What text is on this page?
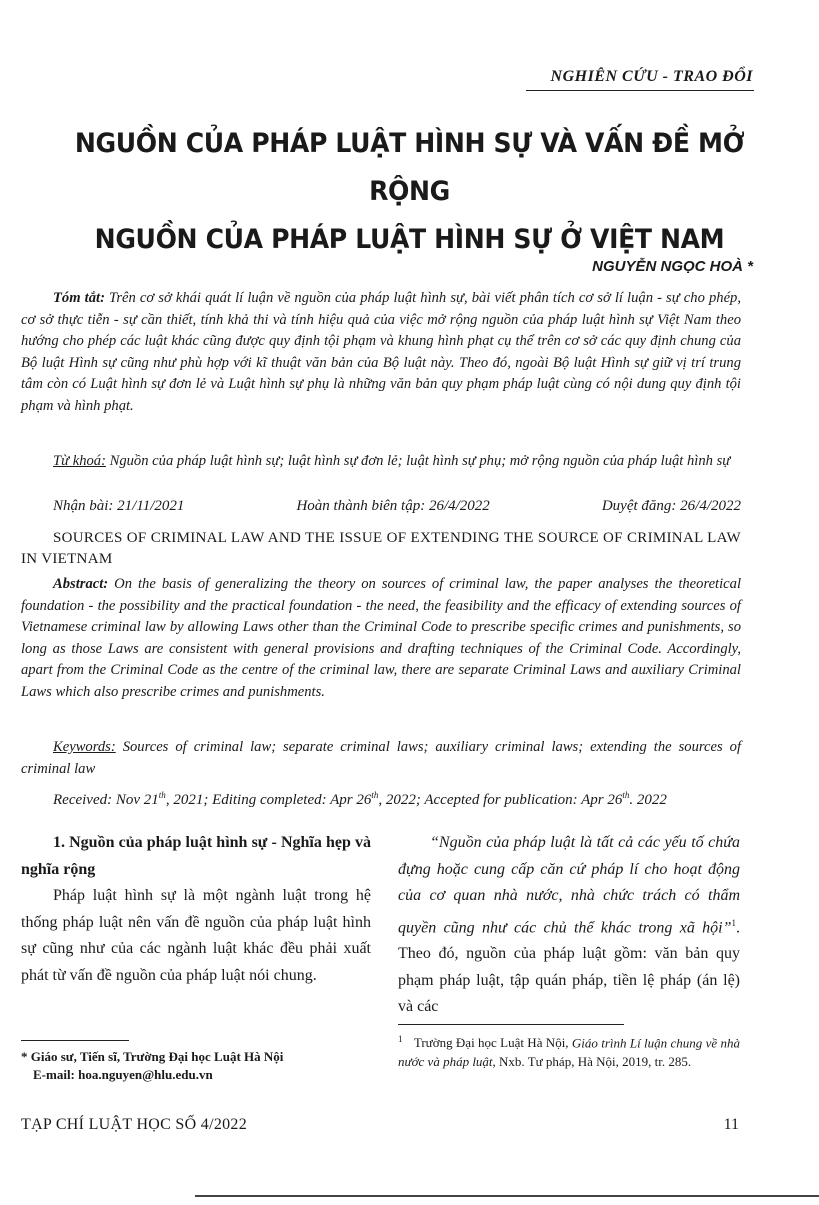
NGHIÊN CỨU - TRAO ĐỔI
NGUỒN CỦA PHÁP LUẬT HÌNH SỰ VÀ VẤN ĐỀ MỞ RỘNG
NGUỒN CỦA PHÁP LUẬT HÌNH SỰ Ở VIỆT NAM
NGUYỄN NGỌC HOÀ *
Tóm tắt: Trên cơ sở khái quát lí luận về nguồn của pháp luật hình sự, bài viết phân tích cơ sở lí luận - sự cho phép, cơ sở thực tiễn - sự cần thiết, tính khả thi và tính hiệu quả của việc mở rộng nguồn của pháp luật hình sự Việt Nam theo hướng cho phép các luật khác cũng được quy định tội phạm và khung hình phạt cụ thể trên cơ sở các quy định chung của Bộ luật Hình sự cũng như phù hợp với kĩ thuật văn bản của Bộ luật này. Theo đó, ngoài Bộ luật Hình sự giữ vị trí trung tâm còn có Luật hình sự đơn lẻ và Luật hình sự phụ là những văn bản quy phạm pháp luật cùng có nội dung quy định tội phạm và hình phạt.
Từ khoá: Nguồn của pháp luật hình sự; luật hình sự đơn lẻ; luật hình sự phụ; mở rộng nguồn của pháp luật hình sự
Nhận bài: 21/11/2021	Hoàn thành biên tập: 26/4/2022	Duyệt đăng: 26/4/2022
SOURCES OF CRIMINAL LAW AND THE ISSUE OF EXTENDING THE SOURCE OF CRIMINAL LAW IN VIETNAM
Abstract: On the basis of generalizing the theory on sources of criminal law, the paper analyses the theoretical foundation - the possibility and the practical foundation - the need, the feasibility and the efficacy of extending sources of Vietnamese criminal law by allowing Laws other than the Criminal Code to prescribe specific crimes and punishments, so long as those Laws are consistent with general provisions and drafting techniques of the Criminal Code. Accordingly, apart from the Criminal Code as the centre of the criminal law, there are separate Criminal Laws and auxiliary Criminal Laws which also prescribe crimes and punishments.
Keywords: Sources of criminal law; separate criminal laws; auxiliary criminal laws; extending the sources of criminal law
Received: Nov 21th, 2021; Editing completed: Apr 26th, 2022; Accepted for publication: Apr 26th. 2022
1. Nguồn của pháp luật hình sự - Nghĩa hẹp và nghĩa rộng
Pháp luật hình sự là một ngành luật trong hệ thống pháp luật nên vấn đề nguồn của pháp luật hình sự cũng như của các ngành luật khác đều phải xuất phát từ vấn đề nguồn của pháp luật nói chung.
“Nguồn của pháp luật là tất cả các yếu tố chứa đựng hoặc cung cấp căn cứ pháp lí cho hoạt động của cơ quan nhà nước, nhà chức trách có thẩm quyền cũng như các chủ thể khác trong xã hội”$^1$. Theo đó, nguồn của pháp luật gồm: văn bản quy phạm pháp luật, tập quán pháp, tiền lệ pháp (án lệ) và các
$^1$ Trường Đại học Luật Hà Nội, Giáo trình Lí luận chung về nhà nước và pháp luật, Nxb. Tư pháp, Hà Nội, 2019, tr. 285.
* Giáo sư, Tiến sĩ, Trường Đại học Luật Hà Nội
E-mail: hoa.nguyen@hlu.edu.vn
TẠP CHÍ LUẬT HỌC SỐ 4/2022	11
